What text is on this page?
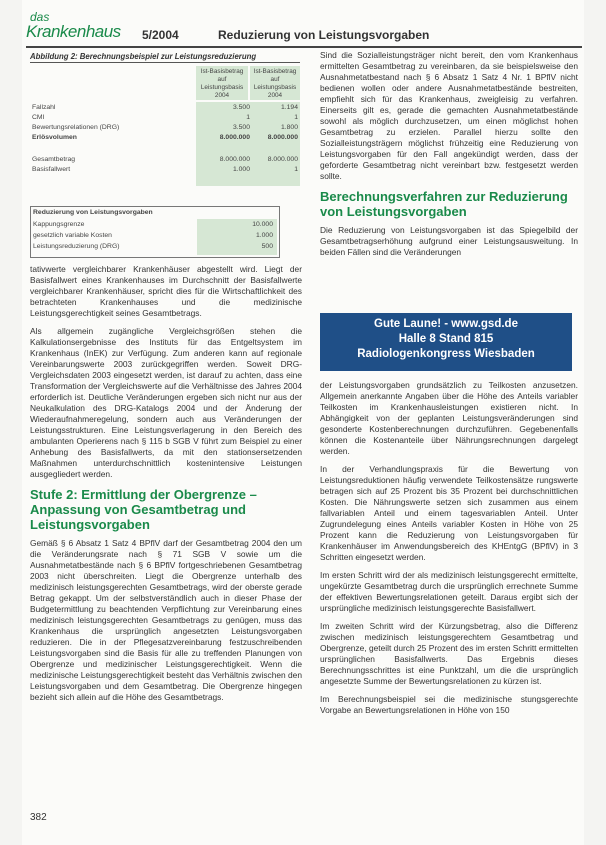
das
Krankenhaus 5/2004	Reduzierung von Leistungsvorgaben
Abbildung 2: Berechnungsbeispiel zur Leistungsreduzierung
Ist-Basisbetrag auf Leistungsbasis 2004
Ist-Basisbetrag auf Leistungsbasis 2004
Fallzahl	3.500	1.194
CMI	1	1
Bewertungsrelationen (DRG)	3.500	1.800
Erlösvolumen	8.000.000	8.000.000
Gesamtbetrag	8.000.000	8.000.000
Basisfallwert	1.000	1
Reduzierung von Leistungsvorgaben
Kappungsgrenze	10.000
gesetzlich variable Kosten	1.000
Leistungsreduzierung (DRG)	500

tativwerte vergleichbarer Krankenhäuser abgestellt wird. Liegt der Basisfallwert eines Krankenhauses im Durchschnitt der Basisfallwerte vergleichbarer Krankenhäuser, spricht dies für die Wirtschaftlichkeit des betrachteten Krankenhauses und die medizinische Leistungsgerechtigkeit seines Gesamtbetrags.

Als allgemein zugängliche Vergleichsgrößen stehen die Kalkulationsergebnisse des Instituts für das Entgeltsystem im Krankenhaus (InEK) zur Verfügung. Zum anderen kann auf regionale Vereinbarungswerte 2003 zurückgegriffen werden. Soweit DRG-Vergleichsdaten 2003 eingesetzt werden, ist darauf zu achten, dass eine Transformation der Vergleichswerte auf die Verhältnisse des Jahres 2004 erforderlich ist. Deutliche Veränderungen ergeben sich nicht nur aus der Neukalkulation des DRG-Katalogs 2004 und der Änderung der Wiederaufnahmeregelung, sondern auch aus Veränderungen der Leistungsstrukturen. Eine Leistungsverlagerung in den Bereich des ambulanten Operierens nach § 115 b SGB V führt zum Beispiel zu einer Anhebung des Basisfallwerts, da mit den stationsersetzenden Maßnahmen unterdurchschnittlich kostenintensive Leistungen ausgegliedert werden.

Stufe 2: Ermittlung der Obergrenze – Anpassung von Gesamtbetrag und Leistungsvorgaben

Gemäß § 6 Absatz 1 Satz 4 BPflV darf der Gesamtbetrag 2004 den um die Veränderungsrate nach § 71 SGB V sowie um die Ausnahmetatbestände nach § 6 BPflV fortgeschriebenen Gesamtbetrag 2003 nicht überschreiten. Liegt die Obergrenze unterhalb des medizinisch leistungsgerechten Gesamtbetrags, wird der oberste gerade Betrag gekappt. Um der selbstverständlich auch in dieser Phase der Budgetermittlung zu beachtenden Verpflichtung zur Vereinbarung eines medizinisch leistungsgerechten Gesamtbetrags zu genügen, muss das Krankenhaus die ursprünglich angesetzten Leistungsvorgaben reduzieren. Die in der Pflegesatzvereinbarung festzuschreibenden Leistungsvorgaben sind die Basis für alle zu treffenden Planungen von Obergrenze und medizinischer Leistungsgerechtigkeit. Wenn die medizinische Leistungsgerechtigkeit besteht das Verhältnis zwischen den Leistungsvorgaben und dem Gesamtbetrag. Die Obergrenze hingegen bezieht sich allein auf die Höhe des Gesamtbetrags.

Sind die Sozialleistungsträger nicht bereit, den vom Krankenhaus ermittelten Gesamtbetrag zu vereinbaren, da sie beispielsweise den Ausnahmetatbestand nach § 6 Absatz 1 Satz 4 Nr. 1 BPflV nicht bedienen wollen oder andere Ausnahmetatbestände bestreiten, empfiehlt sich für das Krankenhaus, zweigleisig zu verfahren. Einerseits gilt es, gerade die gemachten Ausnahmetatbestände sowohl als möglich durchzusetzen, um einen möglichst hohen Gesamtbetrag zu erzielen. Parallel hierzu sollte den Sozialleistungsträgern möglichst frühzeitig eine Reduzierung von Leistungsvorgaben für den Fall angekündigt werden, dass der geforderte Gesamtbetrag nicht vereinbart bzw. festgesetzt werden sollte.

Berechnungsverfahren zur Reduzierung von Leistungsvorgaben

Die Reduzierung von Leistungsvorgaben ist das Spiegelbild der Gesamtbetragserhöhung aufgrund einer Leistungsausweitung. In beiden Fällen sind die Veränderungen

Gute Laune! - www.gsd.de
Halle 8 Stand 815
Radiologenkongress Wiesbaden

der Leistungsvorgaben grundsätzlich zu Teilkosten anzusetzen. Allgemein anerkannte Angaben über die Höhe des Anteils variabler Teilkosten im Krankenhausleistungen existieren nicht. In Abhängigkeit von der geplanten Leistungsveränderungen sind gesonderte Kostenberechnungen durchzuführen. Gegebenenfalls können die Kostenanteile über Nährungsrechnungen dargelegt werden.

In der Verhandlungspraxis für die Bewertung von Leistungsreduktionen häufig verwendete Teilkostensätze rungswerte betragen sich auf 25 Prozent bis 35 Prozent bei durchschnittlichen Kosten. Die Nährungswerte setzen sich zusammen aus einem fallvariablen Anteil und einem tagesvariablen Anteil. Unter Zugrundelegung eines Anteils variabler Kosten in Höhe von 25 Prozent kann die Reduzierung von Leistungsvorgaben für Krankenhäuser im Anwendungsbereich des KHEntgG (BPflV) in 3 Schritten eingesetzt werden.

Im ersten Schritt wird der als medizinisch leistungsgerecht ermittelte, ungekürzte Gesamtbetrag durch die ursprünglich errechnete Summe der effektiven Bewertungsrelationen geteilt. Daraus ergibt sich der ursprüngliche medizinisch leistungsgerechte Basisfallwert.

Im zweiten Schritt wird der Kürzungsbetrag, also die Differenz zwischen medizinisch leistungsgerechtem Gesamtbetrag und Obergrenze, geteilt durch 25 Prozent des im ersten Schritt ermittelten ursprünglichen Basisfallwerts. Das Ergebnis dieses Berechnungsschrittes ist eine Punktzahl, um die die ursprünglich angesetzte Summe der Bewertungsrelationen zu kürzen ist.

Im Berechnungsbeispiel sei die medizinische stungsgerechte Vorgabe an Bewertungsrelationen in Höhe von 150

382
